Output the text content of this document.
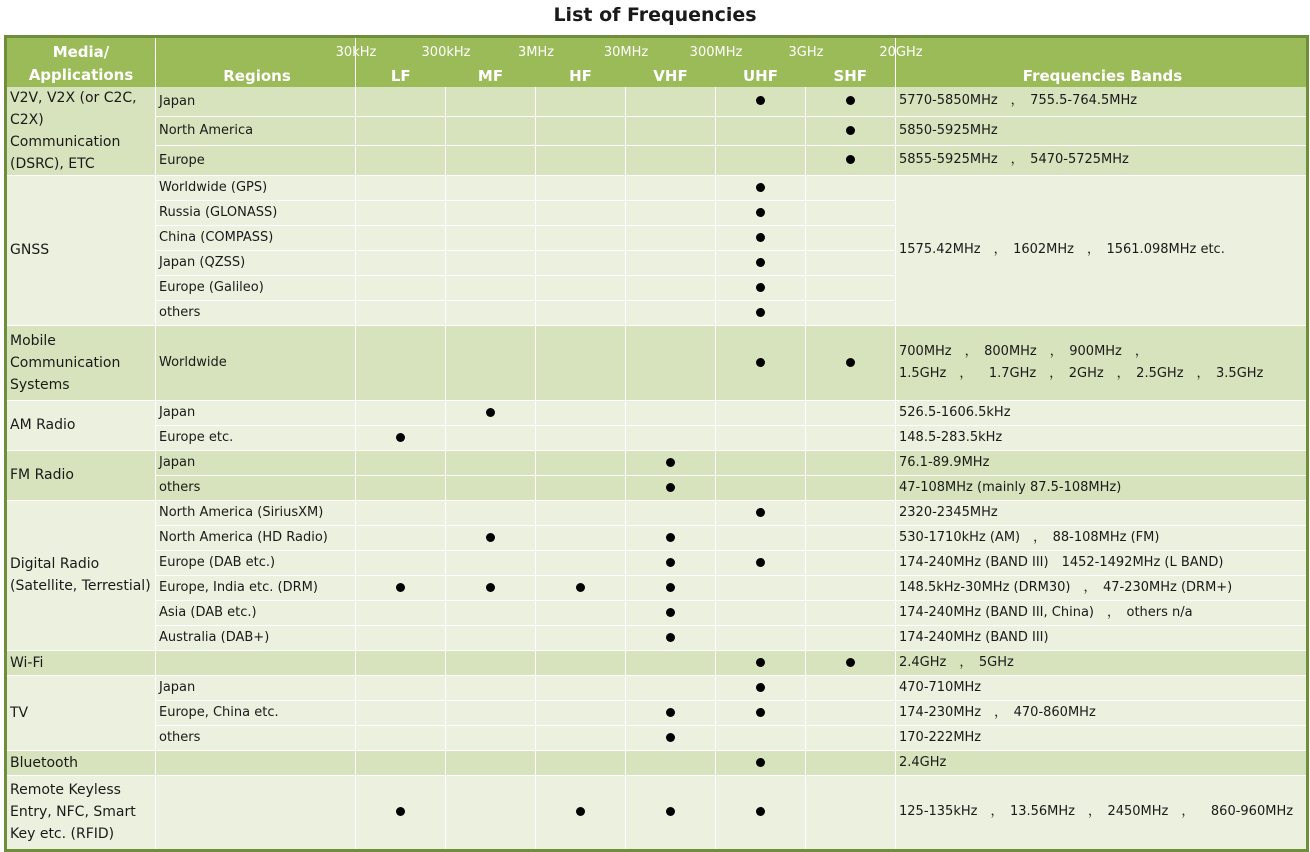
List of Frequencies
Media/
Applications	Regions	LF	MF	HF	VHF	UHF	SHF	Frequencies Bands
V2V, V2X (or C2C, C2X) Communication (DSRC), ETC	Japan							5770-5850MHz　，　755.5-764.5MHz
	North America							5850-5925MHz
	Europe							5855-5925MHz　，　5470-5725MHz
GNSS	Worldwide (GPS)							1575.42MHz　，　1602MHz　，　1561.098MHz etc.
	Russia (GLONASS)							
	China (COMPASS)							
	Japan (QZSS)							
	Europe (Galileo)							
	others							
Mobile Communication Systems	Worldwide							700MHz　，　800MHz　，　900MHz　，　1.5GHz　，    1.7GHz　，　2GHz　，　2.5GHz　，　3.5GHz
AM Radio	Japan							526.5-1606.5kHz
	Europe etc.							148.5-283.5kHz
FM Radio	Japan							76.1-89.9MHz
	others							47-108MHz (mainly 87.5-108MHz)
Digital Radio (Satellite, Terrestial)	North America (SiriusXM)							2320-2345MHz
	North America (HD Radio)							530-1710kHz (AM)　，　88-108MHz (FM)
	Europe (DAB etc.)							174-240MHz (BAND III)　1452-1492MHz (L BAND)
	Europe, India etc. (DRM)							148.5kHz-30MHz (DRM30)　，　47-230MHz (DRM+)
	Asia (DAB etc.)							174-240MHz (BAND III, China)　，　others n/a
	Australia (DAB+)							174-240MHz (BAND III)
Wi-Fi								2.4GHz　，　5GHz
TV	Japan							470-710MHz
	Europe, China etc.							174-230MHz　，　470-860MHz
	others							170-222MHz
Bluetooth								2.4GHz
Remote Keyless Entry, NFC, Smart Key etc. (RFID)								125-135kHz　，　13.56MHz　，　2450MHz　，    860-960MHz
30kHz	300kHz	3MHz	30MHz	300MHz	3GHz	20GHz
